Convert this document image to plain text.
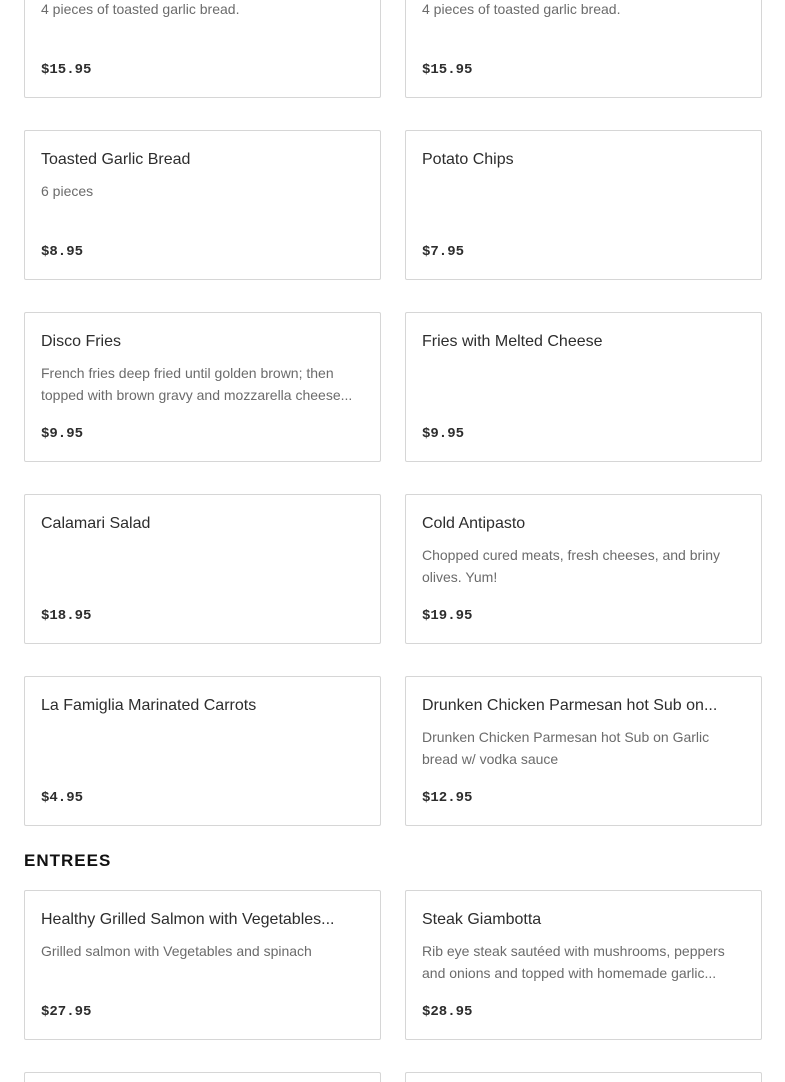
4 pieces of toasted garlic bread.
$15.95
4 pieces of toasted garlic bread.
$15.95
Toasted Garlic Bread
6 pieces
$8.95
Potato Chips
$7.95
Disco Fries
French fries deep fried until golden brown; then topped with brown gravy and mozzarella cheese...
$9.95
Fries with Melted Cheese
$9.95
Calamari Salad
$18.95
Cold Antipasto
Chopped cured meats, fresh cheeses, and briny olives. Yum!
$19.95
La Famiglia Marinated Carrots
$4.95
Drunken Chicken Parmesan hot Sub on...
Drunken Chicken Parmesan hot Sub on Garlic bread w/ vodka sauce
$12.95
ENTREES
Healthy Grilled Salmon with Vegetables...
Grilled salmon with Vegetables and spinach
$27.95
Steak Giambotta
Rib eye steak sautéed with mushrooms, peppers and onions and topped with homemade garlic...
$28.95
